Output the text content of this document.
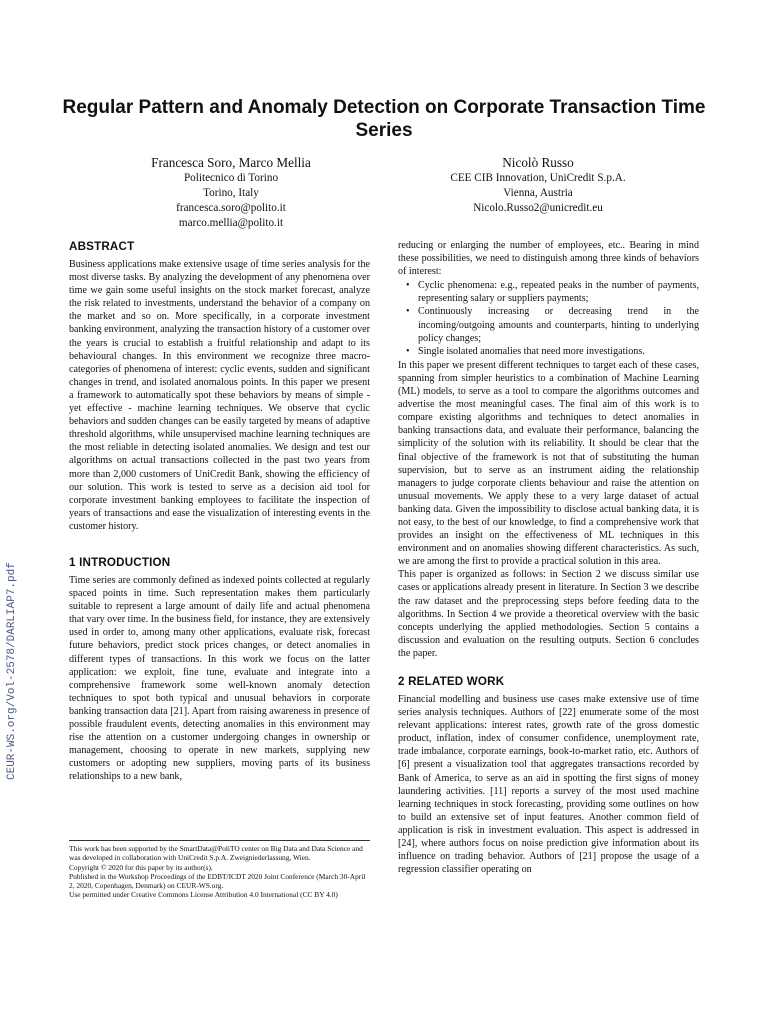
CEUR-WS.org/Vol-2578/DARLIAP7.pdf
Regular Pattern and Anomaly Detection on Corporate Transaction Time Series
Francesca Soro, Marco Mellia
Politecnico di Torino
Torino, Italy
francesca.soro@polito.it
marco.mellia@polito.it
Nicolò Russo
CEE CIB Innovation, UniCredit S.p.A.
Vienna, Austria
Nicolo.Russo2@unicredit.eu
ABSTRACT

Business applications make extensive usage of time series analysis for the most diverse tasks. By analyzing the development of any phenomena over time we gain some useful insights on the stock market forecast, analyze the risk related to investments, understand the behavior of a company on the market and so on. More specifically, in a corporate investment banking environment, analyzing the transaction history of a customer over the years is crucial to establish a fruitful relationship and adapt to its behavioural changes. In this environment we recognize three macro-categories of phenomena of interest: cyclic events, sudden and significant changes in trend, and isolated anomalous points. In this paper we present a framework to automatically spot these behaviors by means of simple - yet effective - machine learning techniques. We observe that cyclic behaviors and sudden changes can be easily targeted by means of adaptive threshold algorithms, while unsupervised machine learning techniques are the most reliable in detecting isolated anomalies. We design and test our algorithms on actual transactions collected in the past two years from more than 2,000 customers of UniCredit Bank, showing the efficiency of our solution. This work is tested to serve as a decision aid tool for corporate investment banking employees to facilitate the inspection of years of transactions and ease the visualization of interesting events in the customer history.

1 INTRODUCTION

Time series are commonly defined as indexed points collected at regularly spaced points in time. Such representation makes them particularly suitable to represent a large amount of daily life and actual phenomena that vary over time. In the business field, for instance, they are extensively used in order to, among many other applications, evaluate risk, forecast future behaviors, predict stock prices changes, or detect anomalies in different types of transactions. In this work we focus on the latter application: we exploit, fine tune, evaluate and integrate into a comprehensive framework some well-known anomaly detection techniques to spot both typical and unusual behaviors in corporate banking transaction data [21]. Apart from raising awareness in presence of possible fraudulent events, detecting anomalies in this environment may rise the attention on a customer undergoing changes in ownership or management, choosing to operate in new markets, supplying new customers or adopting new suppliers, moving parts of its business relationships to a new bank,

This work has been supported by the SmartData@PoliTO center on Big Data and Data Science and was developed in collaboration with UniCredit S.p.A. Zweigniederlassung, Wien.

Copyright © 2020 for this paper by its author(s).

Published in the Workshop Proceedings of the EDBT/ICDT 2020 Joint Conference (March 30-April 2, 2020, Copenhagen, Denmark) on CEUR-WS.org.

Use permitted under Creative Commons License Attribution 4.0 International (CC BY 4.0)

reducing or enlarging the number of employees, etc.. Bearing in mind these possibilities, we need to distinguish among three kinds of behaviors of interest:

• Cyclic phenomena: e.g., repeated peaks in the number of payments, representing salary or suppliers payments;
• Continuously increasing or decreasing trend in the incoming/outgoing amounts and counterparts, hinting to underlying policy changes;
• Single isolated anomalies that need more investigations.

In this paper we present different techniques to target each of these cases, spanning from simpler heuristics to a combination of Machine Learning (ML) models, to serve as a tool to compare the algorithms outcomes and advertise the most meaningful cases. The final aim of this work is to compare existing algorithms and techniques to detect anomalies in banking transactions data, and evaluate their performance, balancing the simplicity of the solution with its reliability. It should be clear that the final objective of the framework is not that of substituting the human supervision, but to serve as an instrument aiding the relationship managers to judge corporate clients behaviour and raise the attention on unusual movements. We apply these to a very large dataset of actual banking data. Given the impossibility to disclose actual banking data, it is not easy, to the best of our knowledge, to find a comprehensive work that provides an insight on the effectiveness of ML techniques in this environment and on anomalies showing different characteristics. As such, we are among the first to provide a practical solution in this area.

This paper is organized as follows: in Section 2 we discuss similar use cases or applications already present in literature. In Section 3 we describe the raw dataset and the preprocessing steps before feeding data to the algorithms. In Section 4 we provide a theoretical overview with the basic concepts underlying the applied methodologies. Section 5 contains a discussion and evaluation on the resulting outputs. Section 6 concludes the paper.

2 RELATED WORK

Financial modelling and business use cases make extensive use of time series analysis techniques. Authors of [22] enumerate some of the most relevant applications: interest rates, growth rate of the gross domestic product, inflation, index of consumer confidence, unemployment rate, trade imbalance, corporate earnings, book-to-market ratio, etc. Authors of [6] present a visualization tool that aggregates transactions recorded by Bank of America, to serve as an aid in spotting the first signs of money laundering activities. [11] reports a survey of the most used machine learning techniques in stock forecasting, providing some outlines on how to build an extensive set of input features. Another common field of application is risk in investment evaluation. This aspect is addressed in [24], where authors focus on noise prediction give information about its influence on trading behavior. Authors of [21] propose the usage of a regression classifier operating on
